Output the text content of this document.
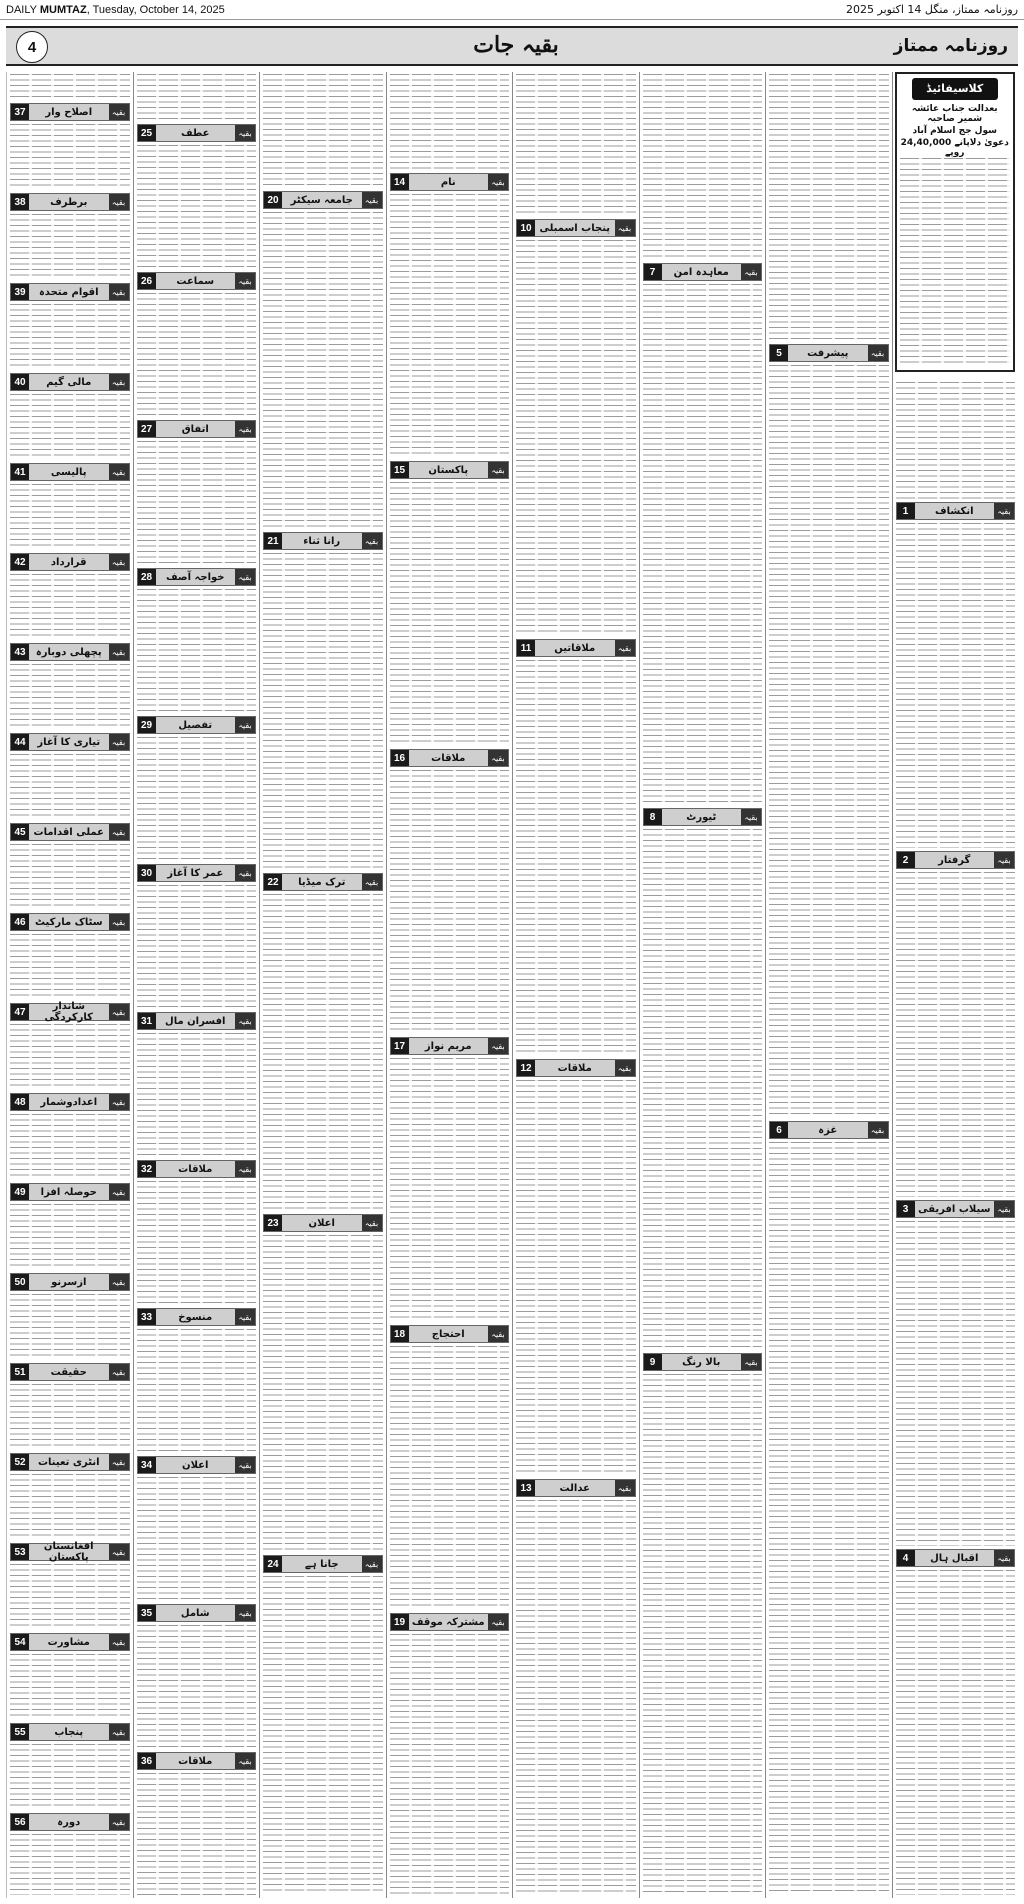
DAILY MUMTAZ, Tuesday, October 14, 2025	روزنامہ ممتاز، منگل 14 اکتوبر 2025
4	بقیہ جات	روزنامہ ممتاز
1	انکشاف	بقیہ
2	گرفتار	بقیہ
3 سیلاب افریقی بقیہ
4	اقبال ہال	بقیہ
5	پیشرفت	بقیہ
6	غزہ	بقیہ
7	معاہدہ امن	بقیہ
8	ٹیورٹ	بقیہ
9	بالا رنگ	بقیہ
10 پنجاب اسمبلی بقیہ
11	ملاقاتیں	بقیہ
12	ملاقات	بقیہ
13	عدالت	بقیہ
14	نام	بقیہ
15	پاکستان	بقیہ
16	ملاقات	بقیہ
17	مریم نواز	بقیہ
18	احتجاج	بقیہ
19 مشترکہ موقف بقیہ
20	جامعہ سیکٹر	بقیہ
21	رانا ثناء	بقیہ
22	ترک میڈیا	بقیہ
23	اعلان	بقیہ
24	جانا ہے	بقیہ
25	عطف	بقیہ
26	سماعت	بقیہ
27	اتفاق	بقیہ
28	خواجہ آصف	بقیہ
29	تفصیل	بقیہ
30	عمر کا آغاز	بقیہ
31	افسران مال	بقیہ
32	ملاقات	بقیہ
33	منسوخ	بقیہ
34	اعلان	بقیہ
35	شامل	بقیہ
36	ملاقات	بقیہ
37	اصلاح وار	بقیہ
38	برطرف	بقیہ
39	اقوام متحدہ	بقیہ
40	مالی گیم	بقیہ
41	پالیسی	بقیہ
42	قرارداد	بقیہ
43	پچھلی دوبارہ	بقیہ
44	تیاری کا آغاز	بقیہ
45 عملی اقدامات بقیہ
46 سٹاک مارکیٹ	بقیہ
47	شاندار کارکردگی	بقیہ
48	اعدادوشمار	بقیہ
49	حوصلہ افزا	بقیہ
50	ازسرنو	بقیہ
51	حقیقت	بقیہ
52	انٹری تعینات	بقیہ
53	افغانستان پاکستان	بقیہ
54	مشاورت	بقیہ
55	پنجاب	بقیہ
56	دورہ	بقیہ
کلاسیفائیڈ
بعدالت جناب عائشہ شمیر صاحبہ
سول جج اسلام آباد
دعویٰ دلاپانے 24,40,000 روپے
